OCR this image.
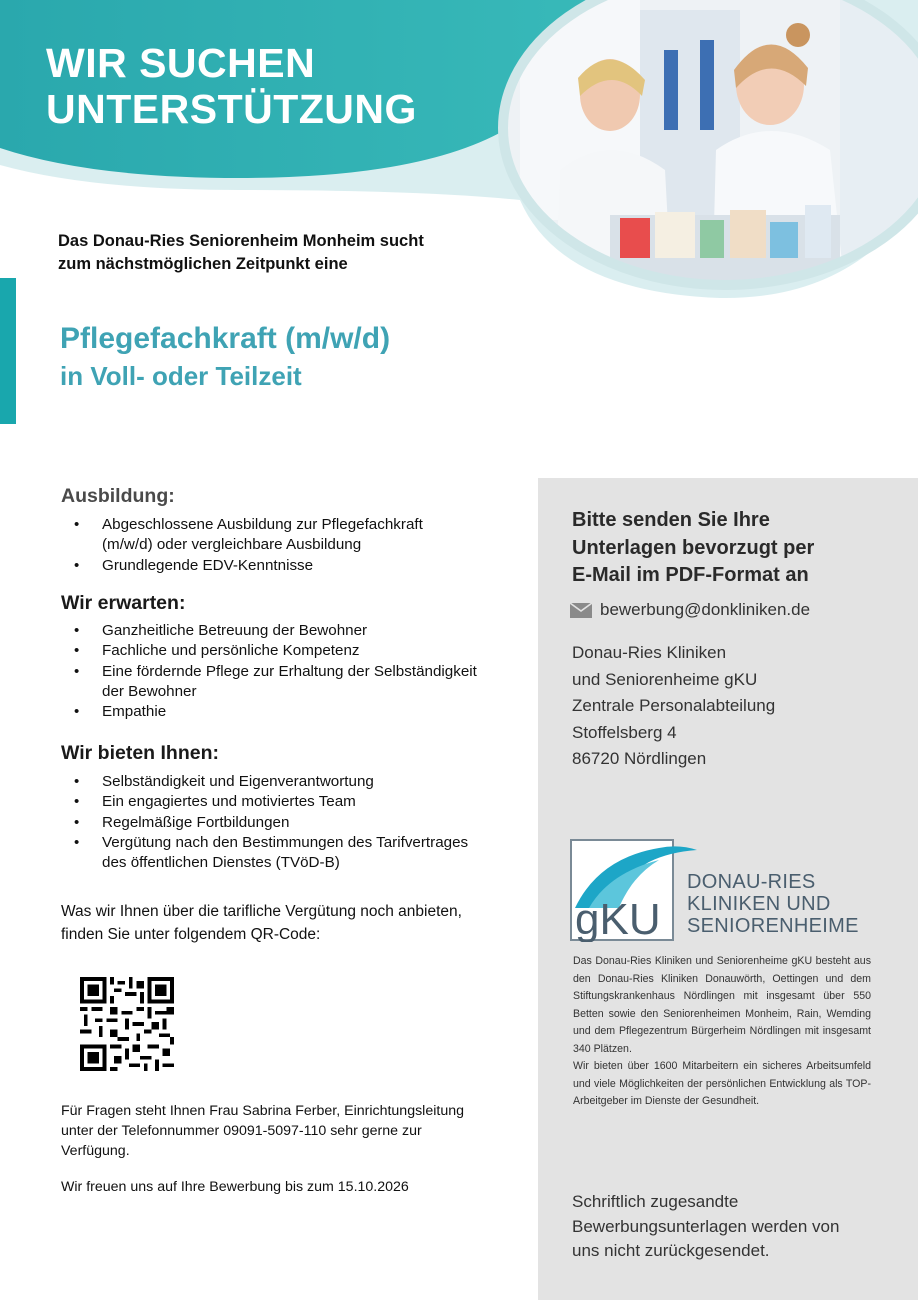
WIR SUCHEN
UNTERSTÜTZUNG
Das Donau-Ries Seniorenheim Monheim sucht
zum nächstmöglichen Zeitpunkt eine
Pflegefachkraft (m/w/d)
in Voll- oder Teilzeit
Ausbildung:
• Abgeschlossene Ausbildung zur Pflegefachkraft
(m/w/d) oder vergleichbare Ausbildung
• Grundlegende EDV-Kenntnisse
Wir erwarten:
• Ganzheitliche Betreuung der Bewohner
• Fachliche und persönliche Kompetenz
• Eine fördernde Pflege zur Erhaltung der Selbständigkeit
der Bewohner
• Empathie
Wir bieten Ihnen:
• Selbständigkeit und Eigenverantwortung
• Ein engagiertes und motiviertes Team
• Regelmäßige Fortbildungen
• Vergütung nach den Bestimmungen des Tarifvertrages
des öffentlichen Dienstes (TVöD-B)
Was wir Ihnen über die tarifliche Vergütung noch anbieten,
finden Sie unter folgendem QR-Code:
Für Fragen steht Ihnen Frau Sabrina Ferber, Einrichtungsleitung
unter der Telefonnummer 09091-5097-110 sehr gerne zur
Verfügung.
Wir freuen uns auf Ihre Bewerbung bis zum 15.10.2026
Bitte senden Sie Ihre
Unterlagen bevorzugt per
E-Mail im PDF-Format an
bewerbung@donkliniken.de
Donau-Ries Kliniken
und Seniorenheime gKU
Zentrale Personalabteilung
Stoffelsberg 4
86720 Nördlingen
gKU
DONAU-RIES
KLINIKEN UND
SENIORENHEIME

Das Donau-Ries Kliniken und Seniorenheime gKU besteht aus den Donau-Ries Kliniken Donauwörth, Oettingen und dem Stiftungskrankenhaus Nördlingen mit insgesamt über 550 Betten sowie den Seniorenheimen Monheim, Rain, Wemding und dem Pflegezentrum Bürgerheim Nördlingen mit insgesamt 340 Plätzen.

Wir bieten über 1600 Mitarbeitern ein sicheres Arbeitsumfeld und viele Möglichkeiten der persönlichen Entwicklung als TOP-Arbeitgeber im Dienste der Gesundheit.

Schriftlich zugesandte
Bewerbungsunterlagen werden von
uns nicht zurückgesendet.
